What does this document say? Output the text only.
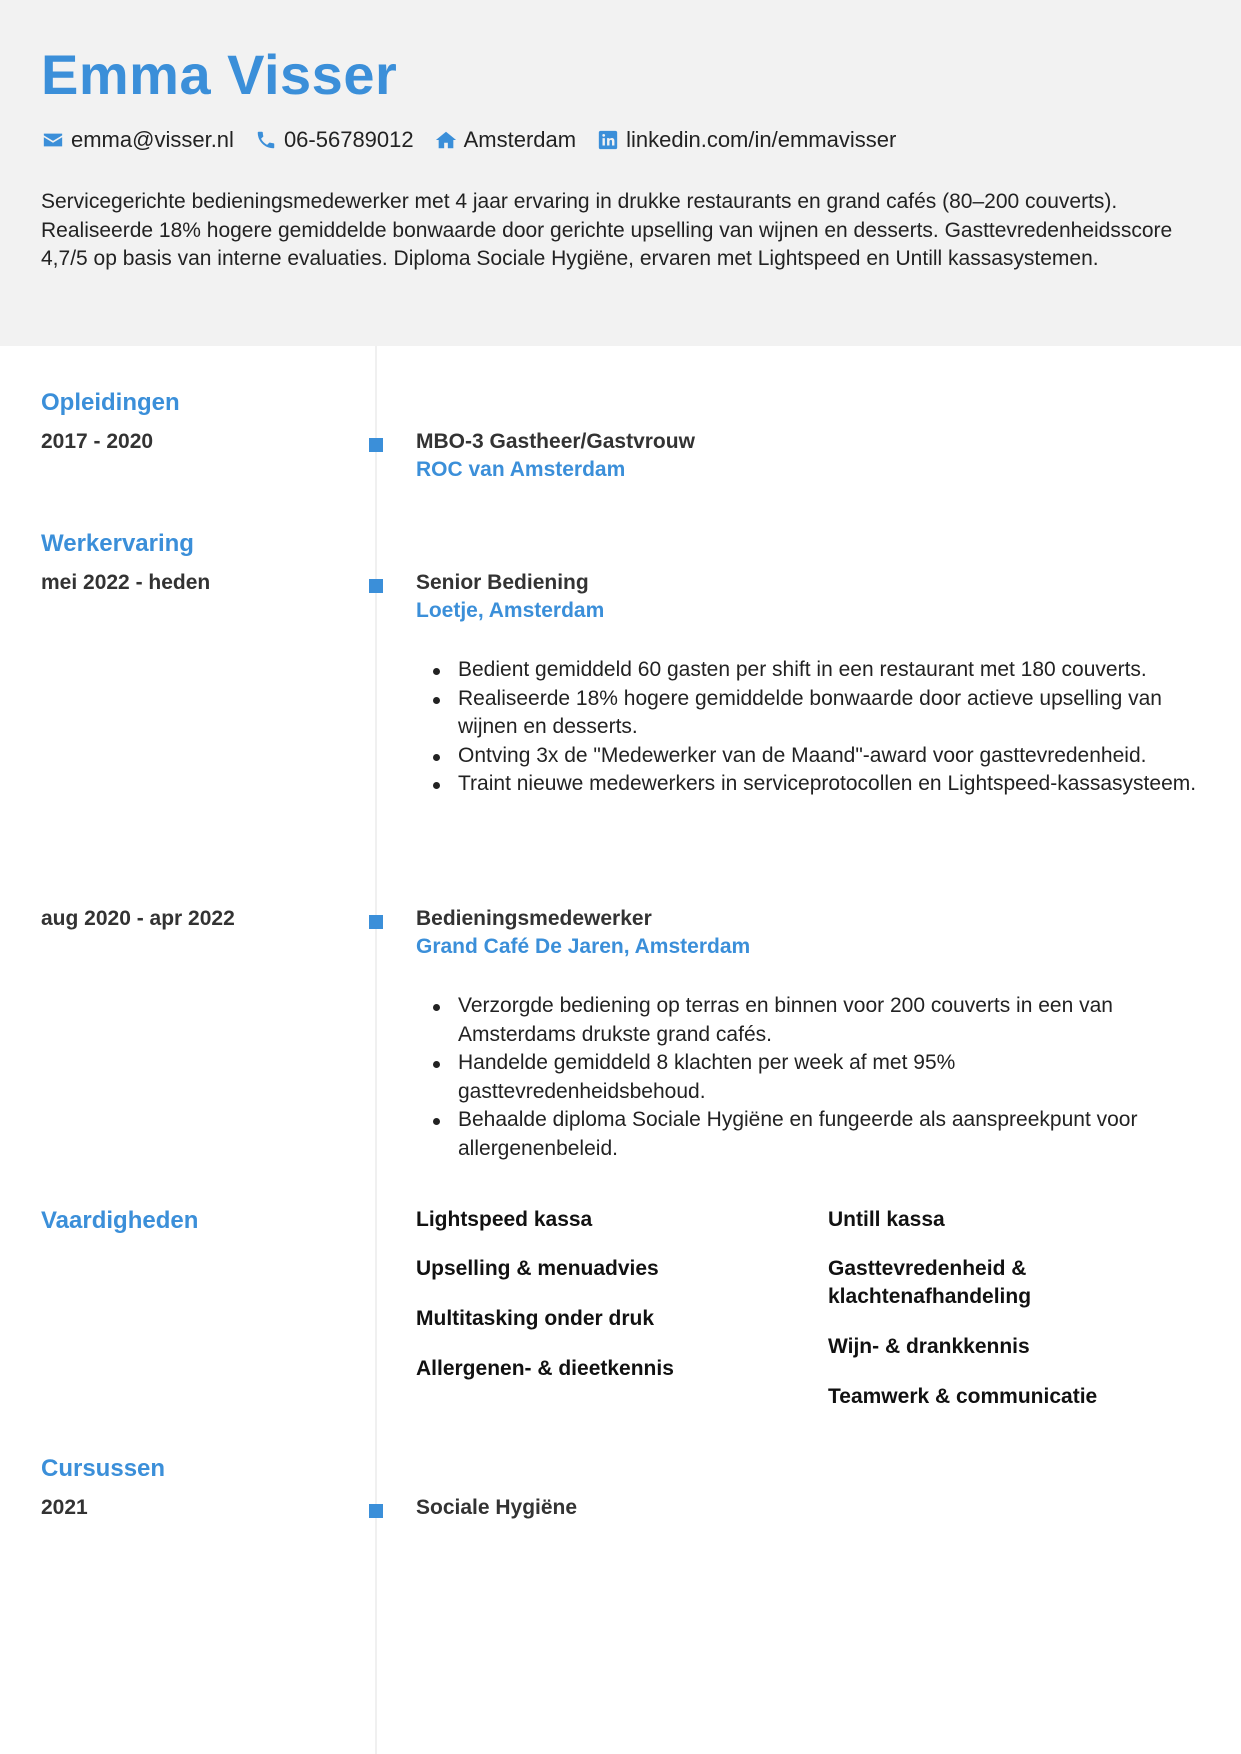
Emma Visser
emma@visser.nl 06-56789012 Amsterdam linkedin.com/in/emmavisser
Servicegerichte bedieningsmedewerker met 4 jaar ervaring in drukke restaurants en grand cafés (80–200 couverts). Realiseerde 18% hogere gemiddelde bonwaarde door gerichte upselling van wijnen en desserts. Gasttevredenheidsscore 4,7/5 op basis van interne evaluaties. Diploma Sociale Hygiëne, ervaren met Lightspeed en Untill kassasystemen.
Opleidingen
2017 - 2020	MBO-3 Gastheer/Gastvrouw
ROC van Amsterdam
Werkervaring
mei 2022 - heden	Senior Bediening
Loetje, Amsterdam
Bedient gemiddeld 60 gasten per shift in een restaurant met 180 couverts.
Realiseerde 18% hogere gemiddelde bonwaarde door actieve upselling van wijnen en desserts.
Ontving 3x de "Medewerker van de Maand"-award voor gasttevredenheid.
Traint nieuwe medewerkers in serviceprotocollen en Lightspeed-kassasysteem.
aug 2020 - apr 2022	Bedieningsmedewerker
Grand Café De Jaren, Amsterdam
Verzorgde bediening op terras en binnen voor 200 couverts in een van Amsterdams drukste grand cafés.
Handelde gemiddeld 8 klachten per week af met 95% gasttevredenheidsbehoud.
Behaalde diploma Sociale Hygiëne en fungeerde als aanspreekpunt voor allergenenbeleid.
Vaardigheden	Lightspeed kassa
Upselling & menuadvies
Multitasking onder druk
Allergenen- & dieetkennis
Untill kassa
Gasttevredenheid & klachtenafhandeling
Wijn- & drankkennis
Teamwerk & communicatie
Cursussen
2021	Sociale Hygiëne
